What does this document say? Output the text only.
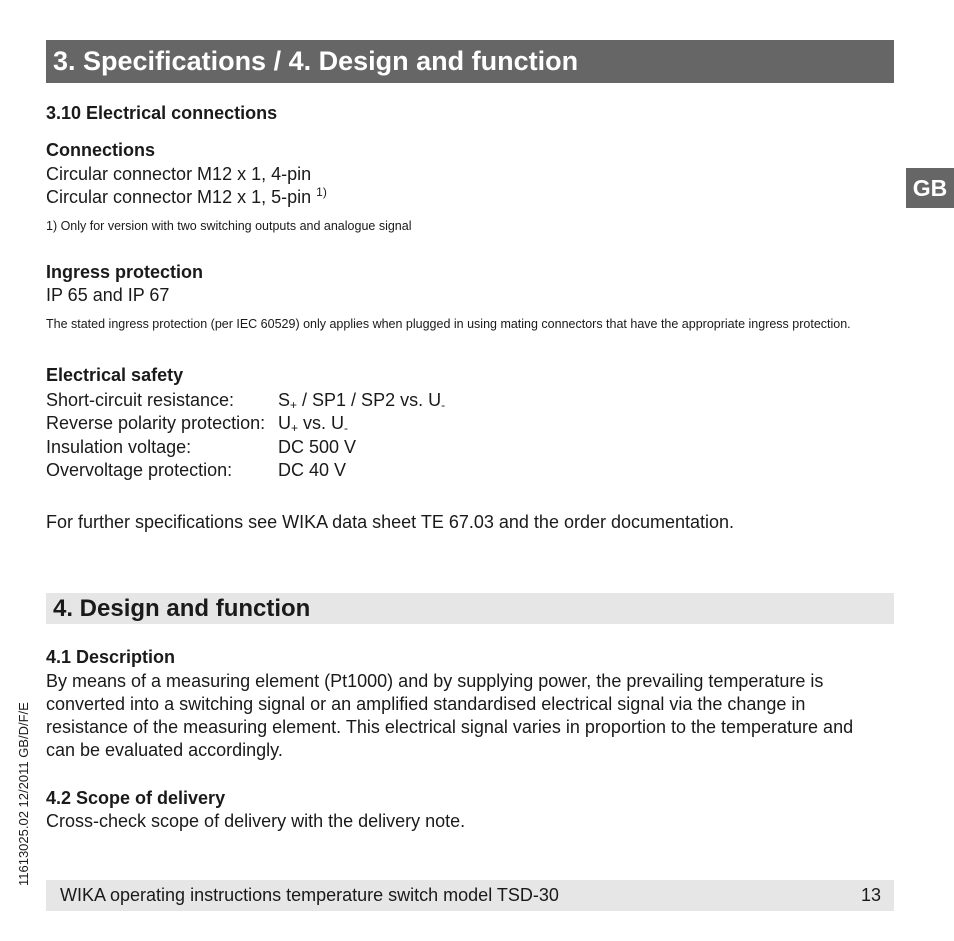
3. Specifications / 4. Design and function
GB
11613025.02 12/2011 GB/D/F/E
3.10 Electrical connections
Connections
Circular connector M12 x 1, 4-pin
Circular connector M12 x 1, 5-pin $^{1)}$
1) Only for version with two switching outputs and analogue signal
Ingress protection
IP 65 and IP 67
The stated ingress protection (per IEC 60529) only applies when plugged in using mating connectors that have the appropriate ingress protection.
Electrical safety
Short-circuit resistance:	$S_+ / SP1 / SP2$ vs. $U_-$
Reverse polarity protection: $U_+$ vs. $U_-$
Insulation voltage:	DC 500 V
Overvoltage protection:	DC 40 V
For further specifications see WIKA data sheet TE 67.03 and the order documentation.
4. Design and function
4.1 Description
By means of a measuring element (Pt1000) and by supplying power, the prevailing temperature is converted into a switching signal or an amplified standardised electrical signal via the change in resistance of the measuring element. This electrical signal varies in proportion to the temperature and can be evaluated accordingly.
4.2 Scope of delivery
Cross-check scope of delivery with the delivery note.
WIKA operating instructions temperature switch model TSD-30	13
